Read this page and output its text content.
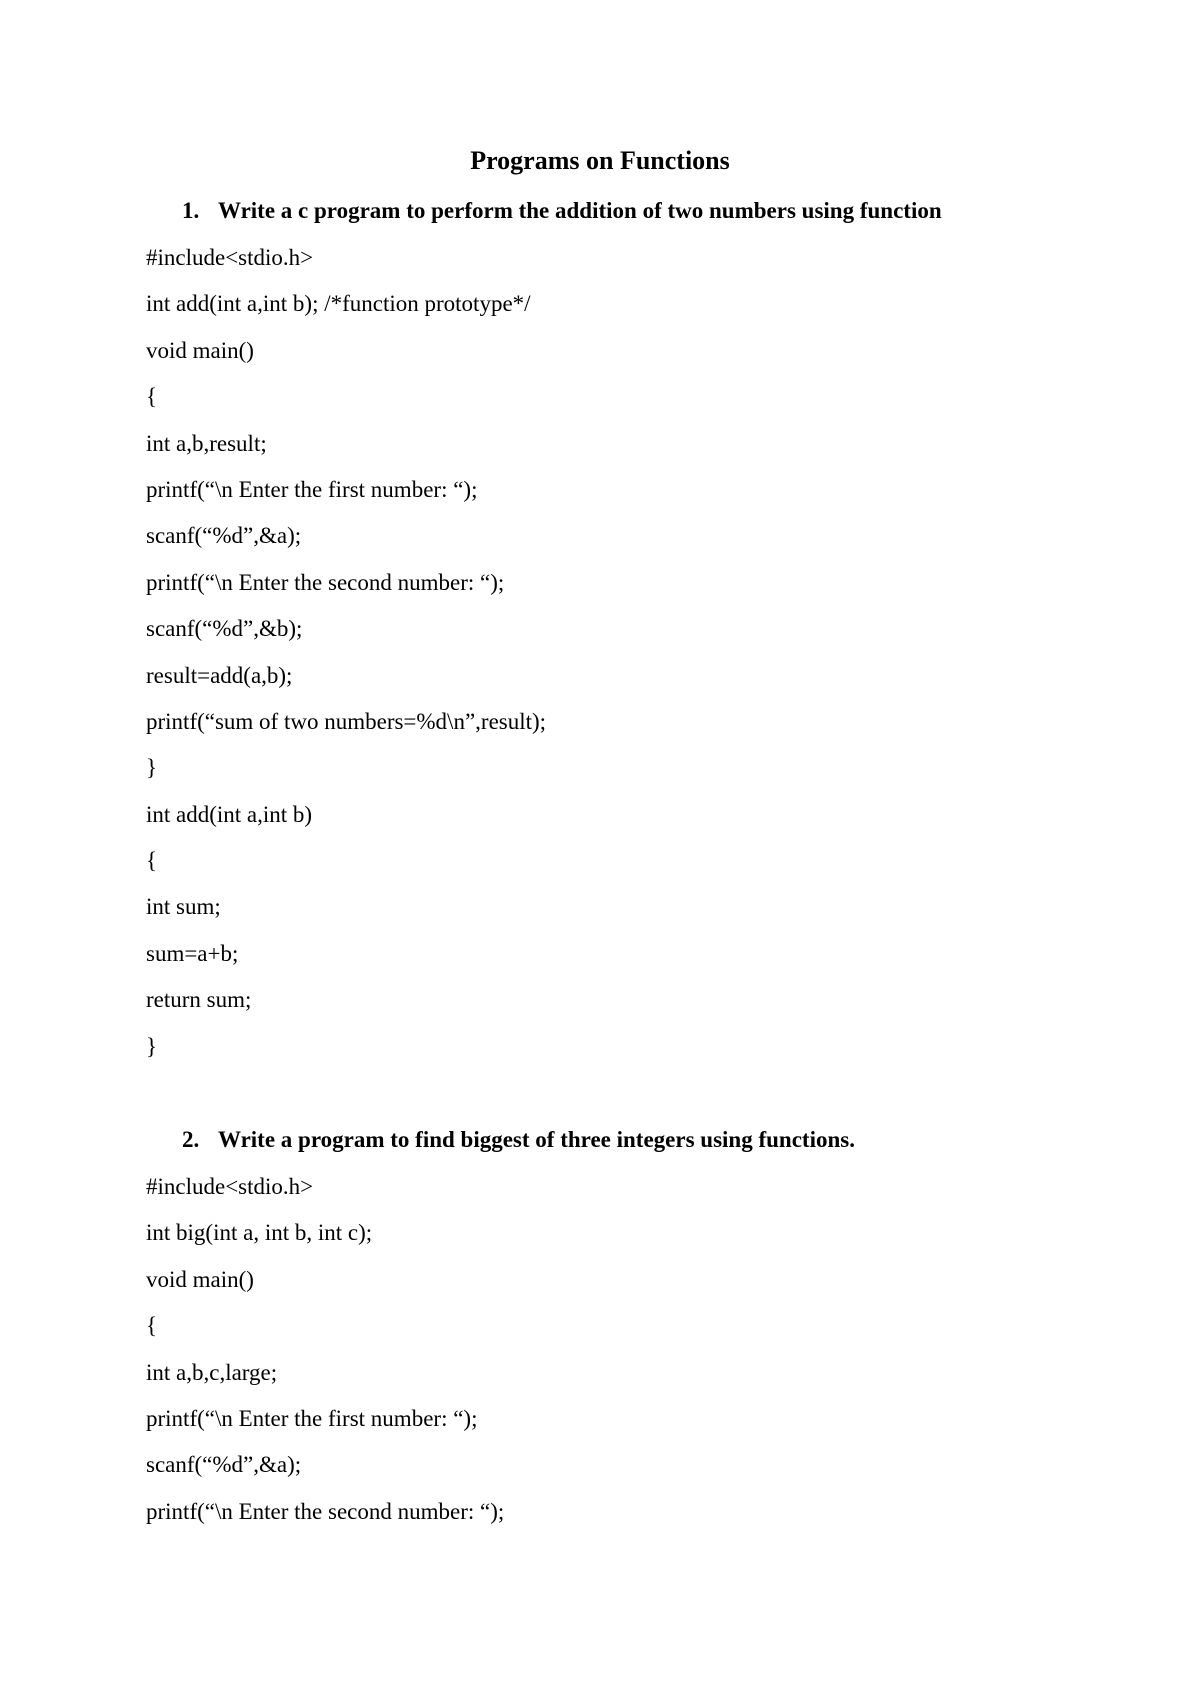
Programs on Functions

1. Write a c program to perform the addition of two numbers using function

#include<stdio.h>
int add(int a,int b); /*function prototype*/
void main()
{
int a,b,result;
printf(“\n Enter the first number: “);
scanf(“%d”,&a);
printf(“\n Enter the second number: “);
scanf(“%d”,&b);
result=add(a,b);
printf(“sum of two numbers=%d\n”,result);
}
int add(int a,int b)
{
int sum;
sum=a+b;
return sum;
}

2. Write a program to find biggest of three integers using functions.

#include<stdio.h>
int big(int a, int b, int c);
void main()
{
int a,b,c,large;
printf(“\n Enter the first number: “);
scanf(“%d”,&a);
printf(“\n Enter the second number: “);
